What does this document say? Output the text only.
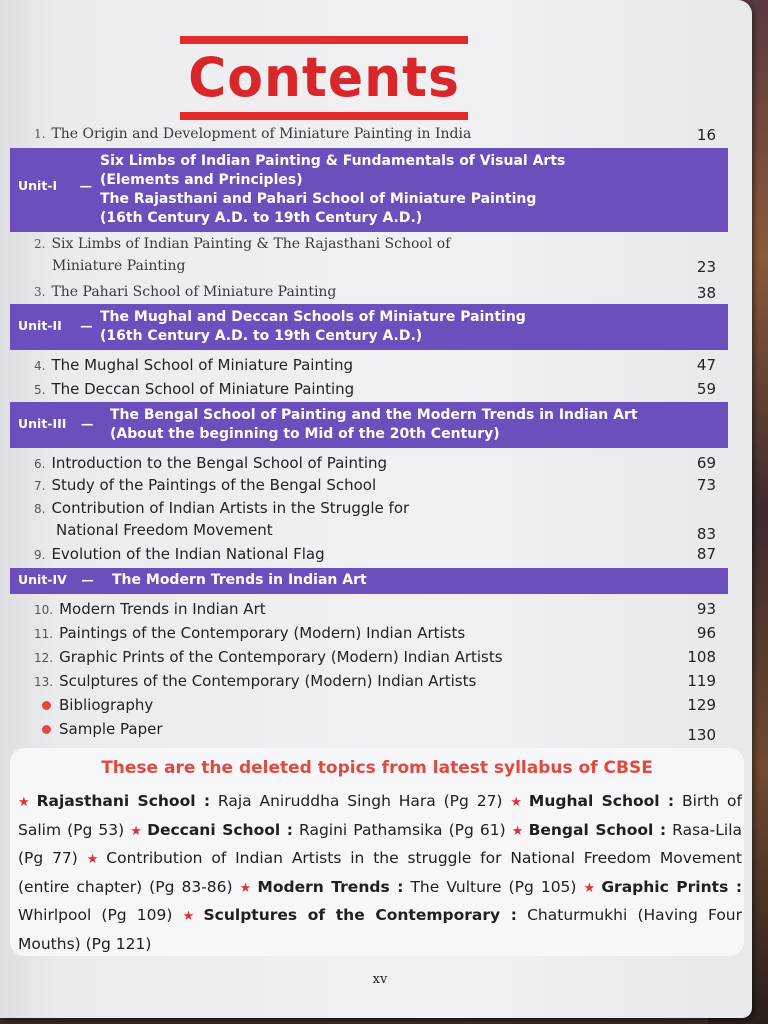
Contents
1. The Origin and Development of Miniature Painting in India	16
Unit-I —
Six Limbs of Indian Painting & Fundamentals of Visual Arts
(Elements and Principles)
The Rajasthani and Pahari School of Miniature Painting
(16th Century A.D. to 19th Century A.D.)
2. Six Limbs of Indian Painting & The Rajasthani School of
Miniature Painting	23
3. The Pahari School of Miniature Painting	38
Unit-II —
The Mughal and Deccan Schools of Miniature Painting
(16th Century A.D. to 19th Century A.D.)
4. The Mughal School of Miniature Painting	47
5. The Deccan School of Miniature Painting	59
Unit-III —
The Bengal School of Painting and the Modern Trends in Indian Art
(About the beginning to Mid of the 20th Century)
6. Introduction to the Bengal School of Painting	69
7. Study of the Paintings of the Bengal School	73
8. Contribution of Indian Artists in the Struggle for
National Freedom Movement	83
9. Evolution of the Indian National Flag	87
Unit-IV — The Modern Trends in Indian Art
10. Modern Trends in Indian Art	93
11. Paintings of the Contemporary (Modern) Indian Artists	96
12. Graphic Prints of the Contemporary (Modern) Indian Artists	108
13. Sculptures of the Contemporary (Modern) Indian Artists	119
Bibliography	129
Sample Paper	130
These are the deleted topics from latest syllabus of CBSE
★ Rajasthani School : Raja Aniruddha Singh Hara (Pg 27) ★ Mughal School : Birth of Salim (Pg 53) ★ Deccani School : Ragini Pathamsika (Pg 61) ★ Bengal School : Rasa-Lila (Pg 77) ★ Contribution of Indian Artists in the struggle for National Freedom Movement (entire chapter) (Pg 83-86) ★ Modern Trends : The Vulture (Pg 105) ★ Graphic Prints : Whirlpool (Pg 109) ★ Sculptures of the Contemporary : Chaturmukhi (Having Four Mouths) (Pg 121)
xv
